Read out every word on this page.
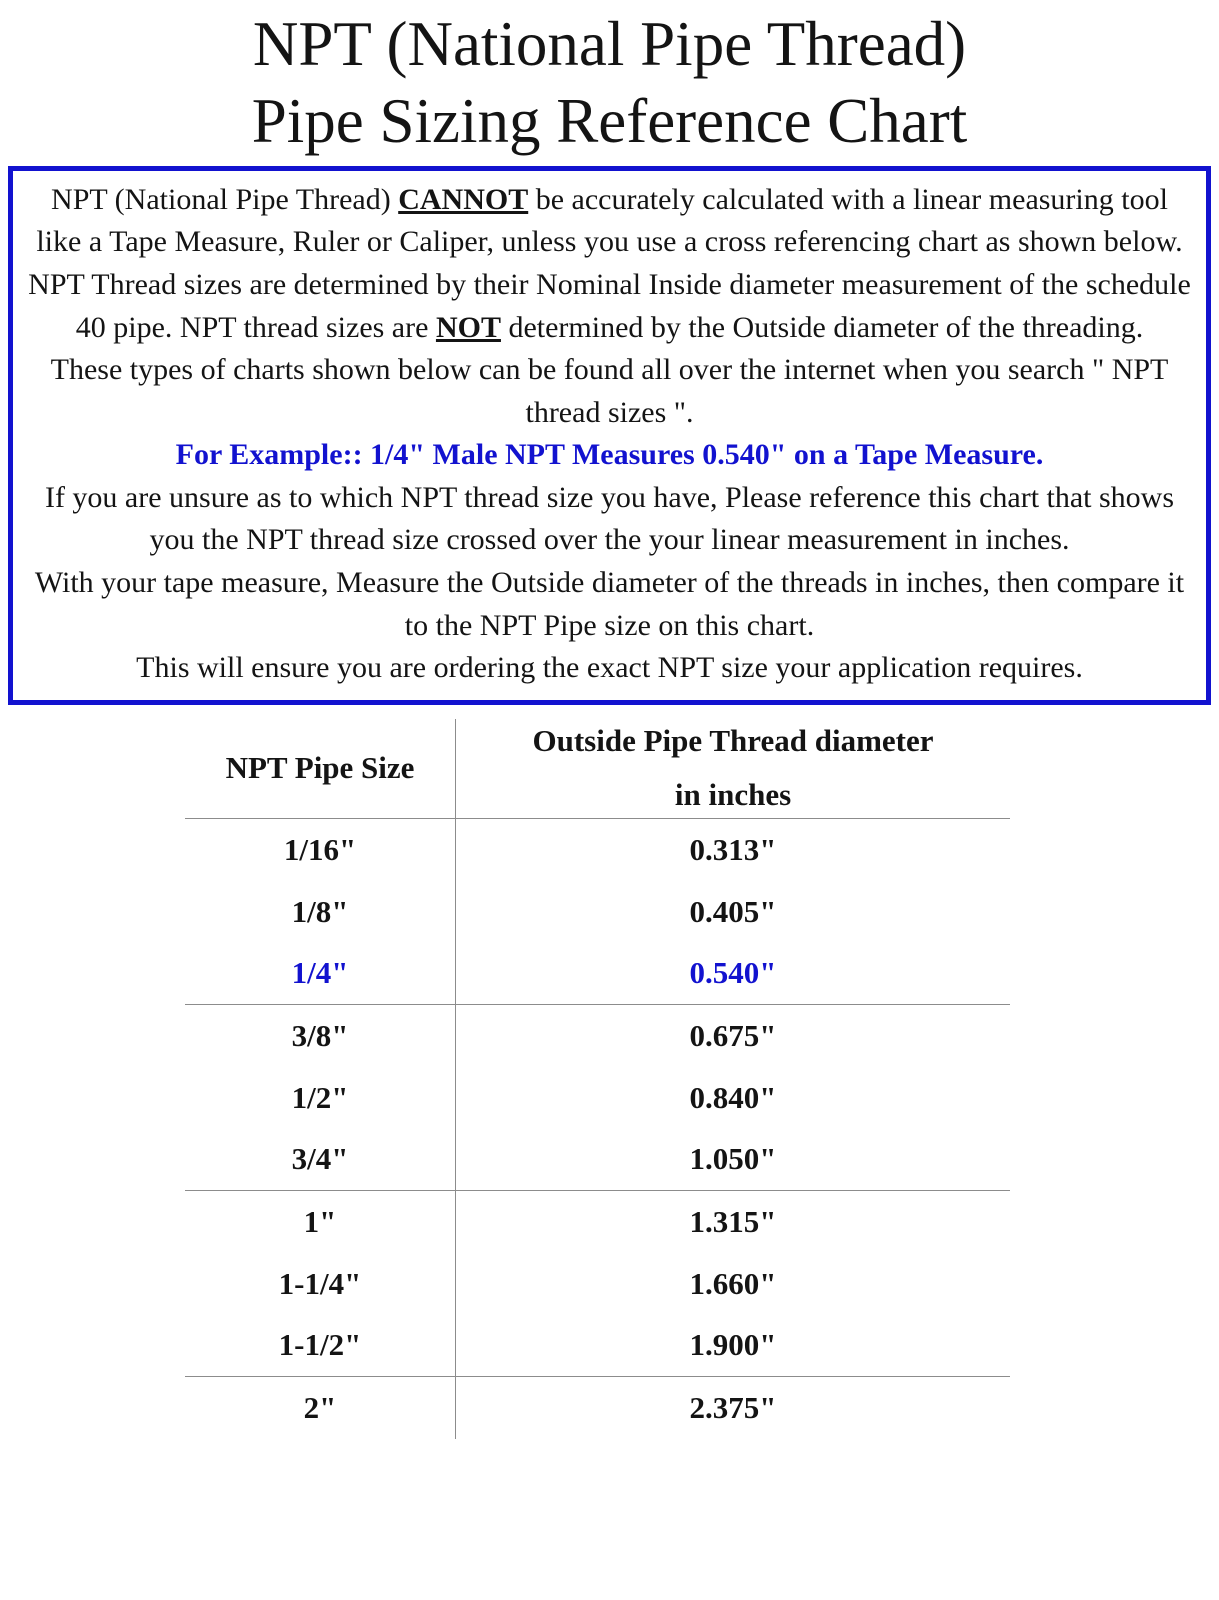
NPT (National Pipe Thread)
Pipe Sizing Reference Chart

NPT (National Pipe Thread) CANNOT be accurately calculated with a linear measuring tool like a Tape Measure, Ruler or Caliper, unless you use a cross referencing chart as shown below. NPT Thread sizes are determined by their Nominal Inside diameter measurement of the schedule 40 pipe. NPT thread sizes are NOT determined by the Outside diameter of the threading.

These types of charts shown below can be found all over the internet when you search " NPT thread sizes ".

For Example:: 1/4" Male NPT Measures 0.540" on a Tape Measure.

If you are unsure as to which NPT thread size you have, Please reference this chart that shows you the NPT thread size crossed over the your linear measurement in inches.

With your tape measure, Measure the Outside diameter of the threads in inches, then compare it to the NPT Pipe size on this chart.

This will ensure you are ordering the exact NPT size your application requires.

NPT Pipe Size
Outside Pipe Thread diameter
in inches
1/16"	0.313"
1/8"	0.405"
1/4"	0.540"
3/8"	0.675"
1/2"	0.840"
3/4"	1.050"
1"	1.315"
1-1/4"	1.660"
1-1/2"	1.900"
2"	2.375"
